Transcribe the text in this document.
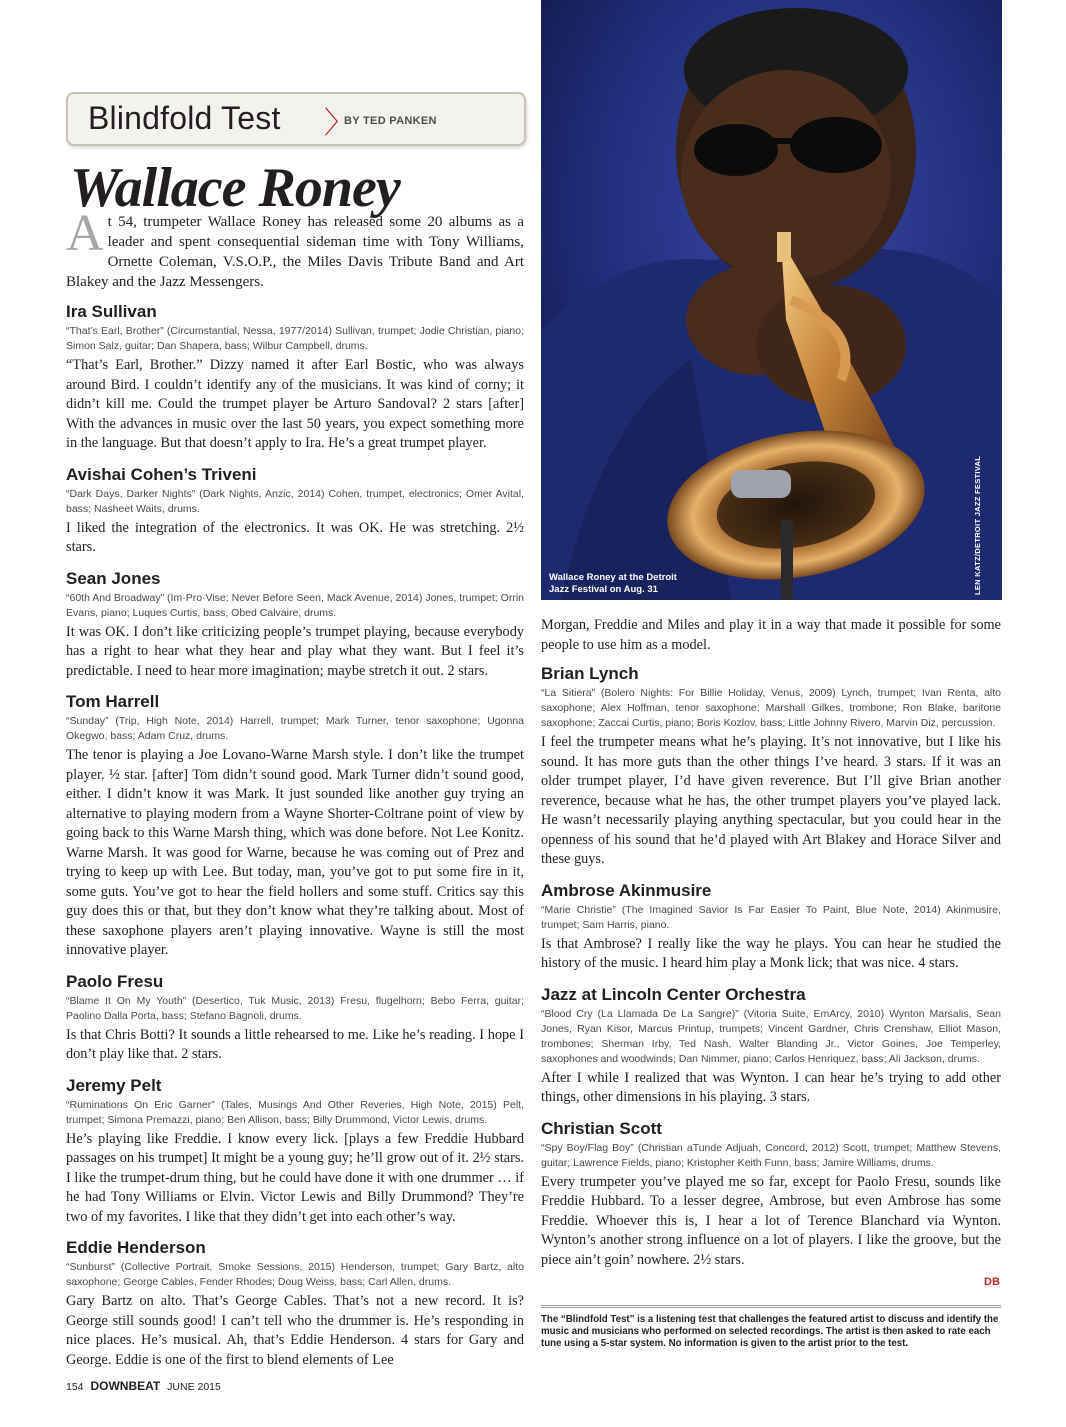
Blindfold Test 〉
BY TED PANKEN
Wallace Roney

At 54, trumpeter Wallace Roney has released some 20 albums as a leader and spent consequential sideman time with Tony Williams, Ornette Coleman, V.S.O.P., the Miles Davis Tribute Band and Art Blakey and the Jazz Messengers.

Wallace Roney at the Detroit Jazz Festival on Aug. 31	LEN KATZ/DETROIT JAZZ FESTIVAL
Ira Sullivan

“That’s Earl, Brother” (Circumstantial, Nessa, 1977/2014) Sullivan, trumpet; Jodie Christian, piano; Simon Salz, guitar; Dan Shapera, bass; Wilbur Campbell, drums.

“That’s Earl, Brother.” Dizzy named it after Earl Bostic, who was always around Bird. I couldn’t identify any of the musicians. It was kind of corny; it didn’t kill me. Could the trumpet player be Arturo Sandoval? 2 stars [after] With the advances in music over the last 50 years, you expect something more in the language. But that doesn’t apply to Ira. He’s a great trumpet player.

Avishai Cohen’s Triveni

“Dark Days, Darker Nights” (Dark Nights, Anzic, 2014) Cohen, trumpet, electronics; Omer Avital, bass; Nasheet Waits, drums.

I liked the integration of the electronics. It was OK. He was stretching. 2½ stars.

Sean Jones

“60th And Broadway” (Im·Pro·Vise: Never Before Seen, Mack Avenue, 2014) Jones, trumpet; Orrin Evans, piano; Luques Curtis, bass; Obed Calvaire, drums.

It was OK. I don’t like criticizing people’s trumpet playing, because everybody has a right to hear what they hear and play what they want. But I feel it’s predictable. I need to hear more imagination; maybe stretch it out. 2 stars.

Tom Harrell

“Sunday” (Trip, High Note, 2014) Harrell, trumpet; Mark Turner, tenor saxophone; Ugonna Okegwo, bass; Adam Cruz, drums.

The tenor is playing a Joe Lovano-Warne Marsh style. I don’t like the trumpet player. ½ star. [after] Tom didn’t sound good. Mark Turner didn’t sound good, either. I didn’t know it was Mark. It just sounded like another guy trying an alternative to playing modern from a Wayne Shorter-Coltrane point of view by going back to this Warne Marsh thing, which was done before. Not Lee Konitz. Warne Marsh. It was good for Warne, because he was coming out of Prez and trying to keep up with Lee. But today, man, you’ve got to put some fire in it, some guts. You’ve got to hear the field hollers and some stuff. Critics say this guy does this or that, but they don’t know what they’re talking about. Most of these saxophone players aren’t playing innovative. Wayne is still the most innovative player.

Paolo Fresu

“Blame It On My Youth” (Desertico, Tuk Music, 2013) Fresu, flugelhorn; Bebo Ferra, guitar; Paolino Dalla Porta, bass; Stefano Bagnoli, drums.

Is that Chris Botti? It sounds a little rehearsed to me. Like he’s reading. I hope I don’t play like that. 2 stars.

Jeremy Pelt

“Ruminations On Eric Garner” (Tales, Musings And Other Reveries, High Note, 2015) Pelt, trumpet; Simona Premazzi, piano; Ben Allison, bass; Billy Drummond, Victor Lewis, drums.

He’s playing like Freddie. I know every lick. [plays a few Freddie Hubbard passages on his trumpet] It might be a young guy; he’ll grow out of it. 2½ stars. I like the trumpet-drum thing, but he could have done it with one drummer … if he had Tony Williams or Elvin. Victor Lewis and Billy Drummond? They’re two of my favorites. I like that they didn’t get into each other’s way.

Eddie Henderson

“Sunburst” (Collective Portrait, Smoke Sessions, 2015) Henderson, trumpet; Gary Bartz, alto saxophone; George Cables, Fender Rhodes; Doug Weiss, bass; Carl Allen, drums.

Gary Bartz on alto. That’s George Cables. That’s not a new record. It is? George still sounds good! I can’t tell who the drummer is. He’s responding in nice places. He’s musical. Ah, that’s Eddie Henderson. 4 stars for Gary and George. Eddie is one of the first to blend elements of Lee

Morgan, Freddie and Miles and play it in a way that made it possible for some people to use him as a model.

Brian Lynch

“La Sitiera” (Bolero Nights: For Billie Holiday, Venus, 2009) Lynch, trumpet; Ivan Renta, alto saxophone; Alex Hoffman, tenor saxophone; Marshall Gilkes, trombone; Ron Blake, baritone saxophone; Zaccai Curtis, piano; Boris Kozlov, bass; Little Johnny Rivero, Marvin Diz, percussion.

I feel the trumpeter means what he’s playing. It’s not innovative, but I like his sound. It has more guts than the other things I’ve heard. 3 stars. If it was an older trumpet player, I’d have given reverence. But I’ll give Brian another reverence, because what he has, the other trumpet players you’ve played lack. He wasn’t necessarily playing anything spectacular, but you could hear in the openness of his sound that he’d played with Art Blakey and Horace Silver and these guys.

Ambrose Akinmusire

“Marie Christie” (The Imagined Savior Is Far Easier To Paint, Blue Note, 2014) Akinmusire, trumpet; Sam Harris, piano.

Is that Ambrose? I really like the way he plays. You can hear he studied the history of the music. I heard him play a Monk lick; that was nice. 4 stars.

Jazz at Lincoln Center Orchestra

“Blood Cry (La Llamada De La Sangre)” (Vitoria Suite, EmArcy, 2010) Wynton Marsalis, Sean Jones, Ryan Kisor, Marcus Printup, trumpets; Vincent Gardner, Chris Crenshaw, Elliot Mason, trombones; Sherman Irby, Ted Nash, Walter Blanding Jr., Victor Goines, Joe Temperley, saxophones and woodwinds; Dan Nimmer, piano; Carlos Henriquez, bass; Ali Jackson, drums.

After I while I realized that was Wynton. I can hear he’s trying to add other things, other dimensions in his playing. 3 stars.

Christian Scott

“Spy Boy/Flag Boy” (Christian aTunde Adjuah, Concord, 2012) Scott, trumpet; Matthew Stevens, guitar; Lawrence Fields, piano; Kristopher Keith Funn, bass; Jamire Williams, drums.

Every trumpeter you’ve played me so far, except for Paolo Fresu, sounds like Freddie Hubbard. To a lesser degree, Ambrose, but even Ambrose has some Freddie. Whoever this is, I hear a lot of Terence Blanchard via Wynton. Wynton’s another strong influence on a lot of players. I like the groove, but the piece ain’t goin’ nowhere. 2½ stars.

DB

The “Blindfold Test” is a listening test that challenges the featured artist to discuss and identify the music and musicians who performed on selected recordings. The artist is then asked to rate each tune using a 5-star system. No information is given to the artist prior to the test.

154 DOWNBEAT JUNE 2015
